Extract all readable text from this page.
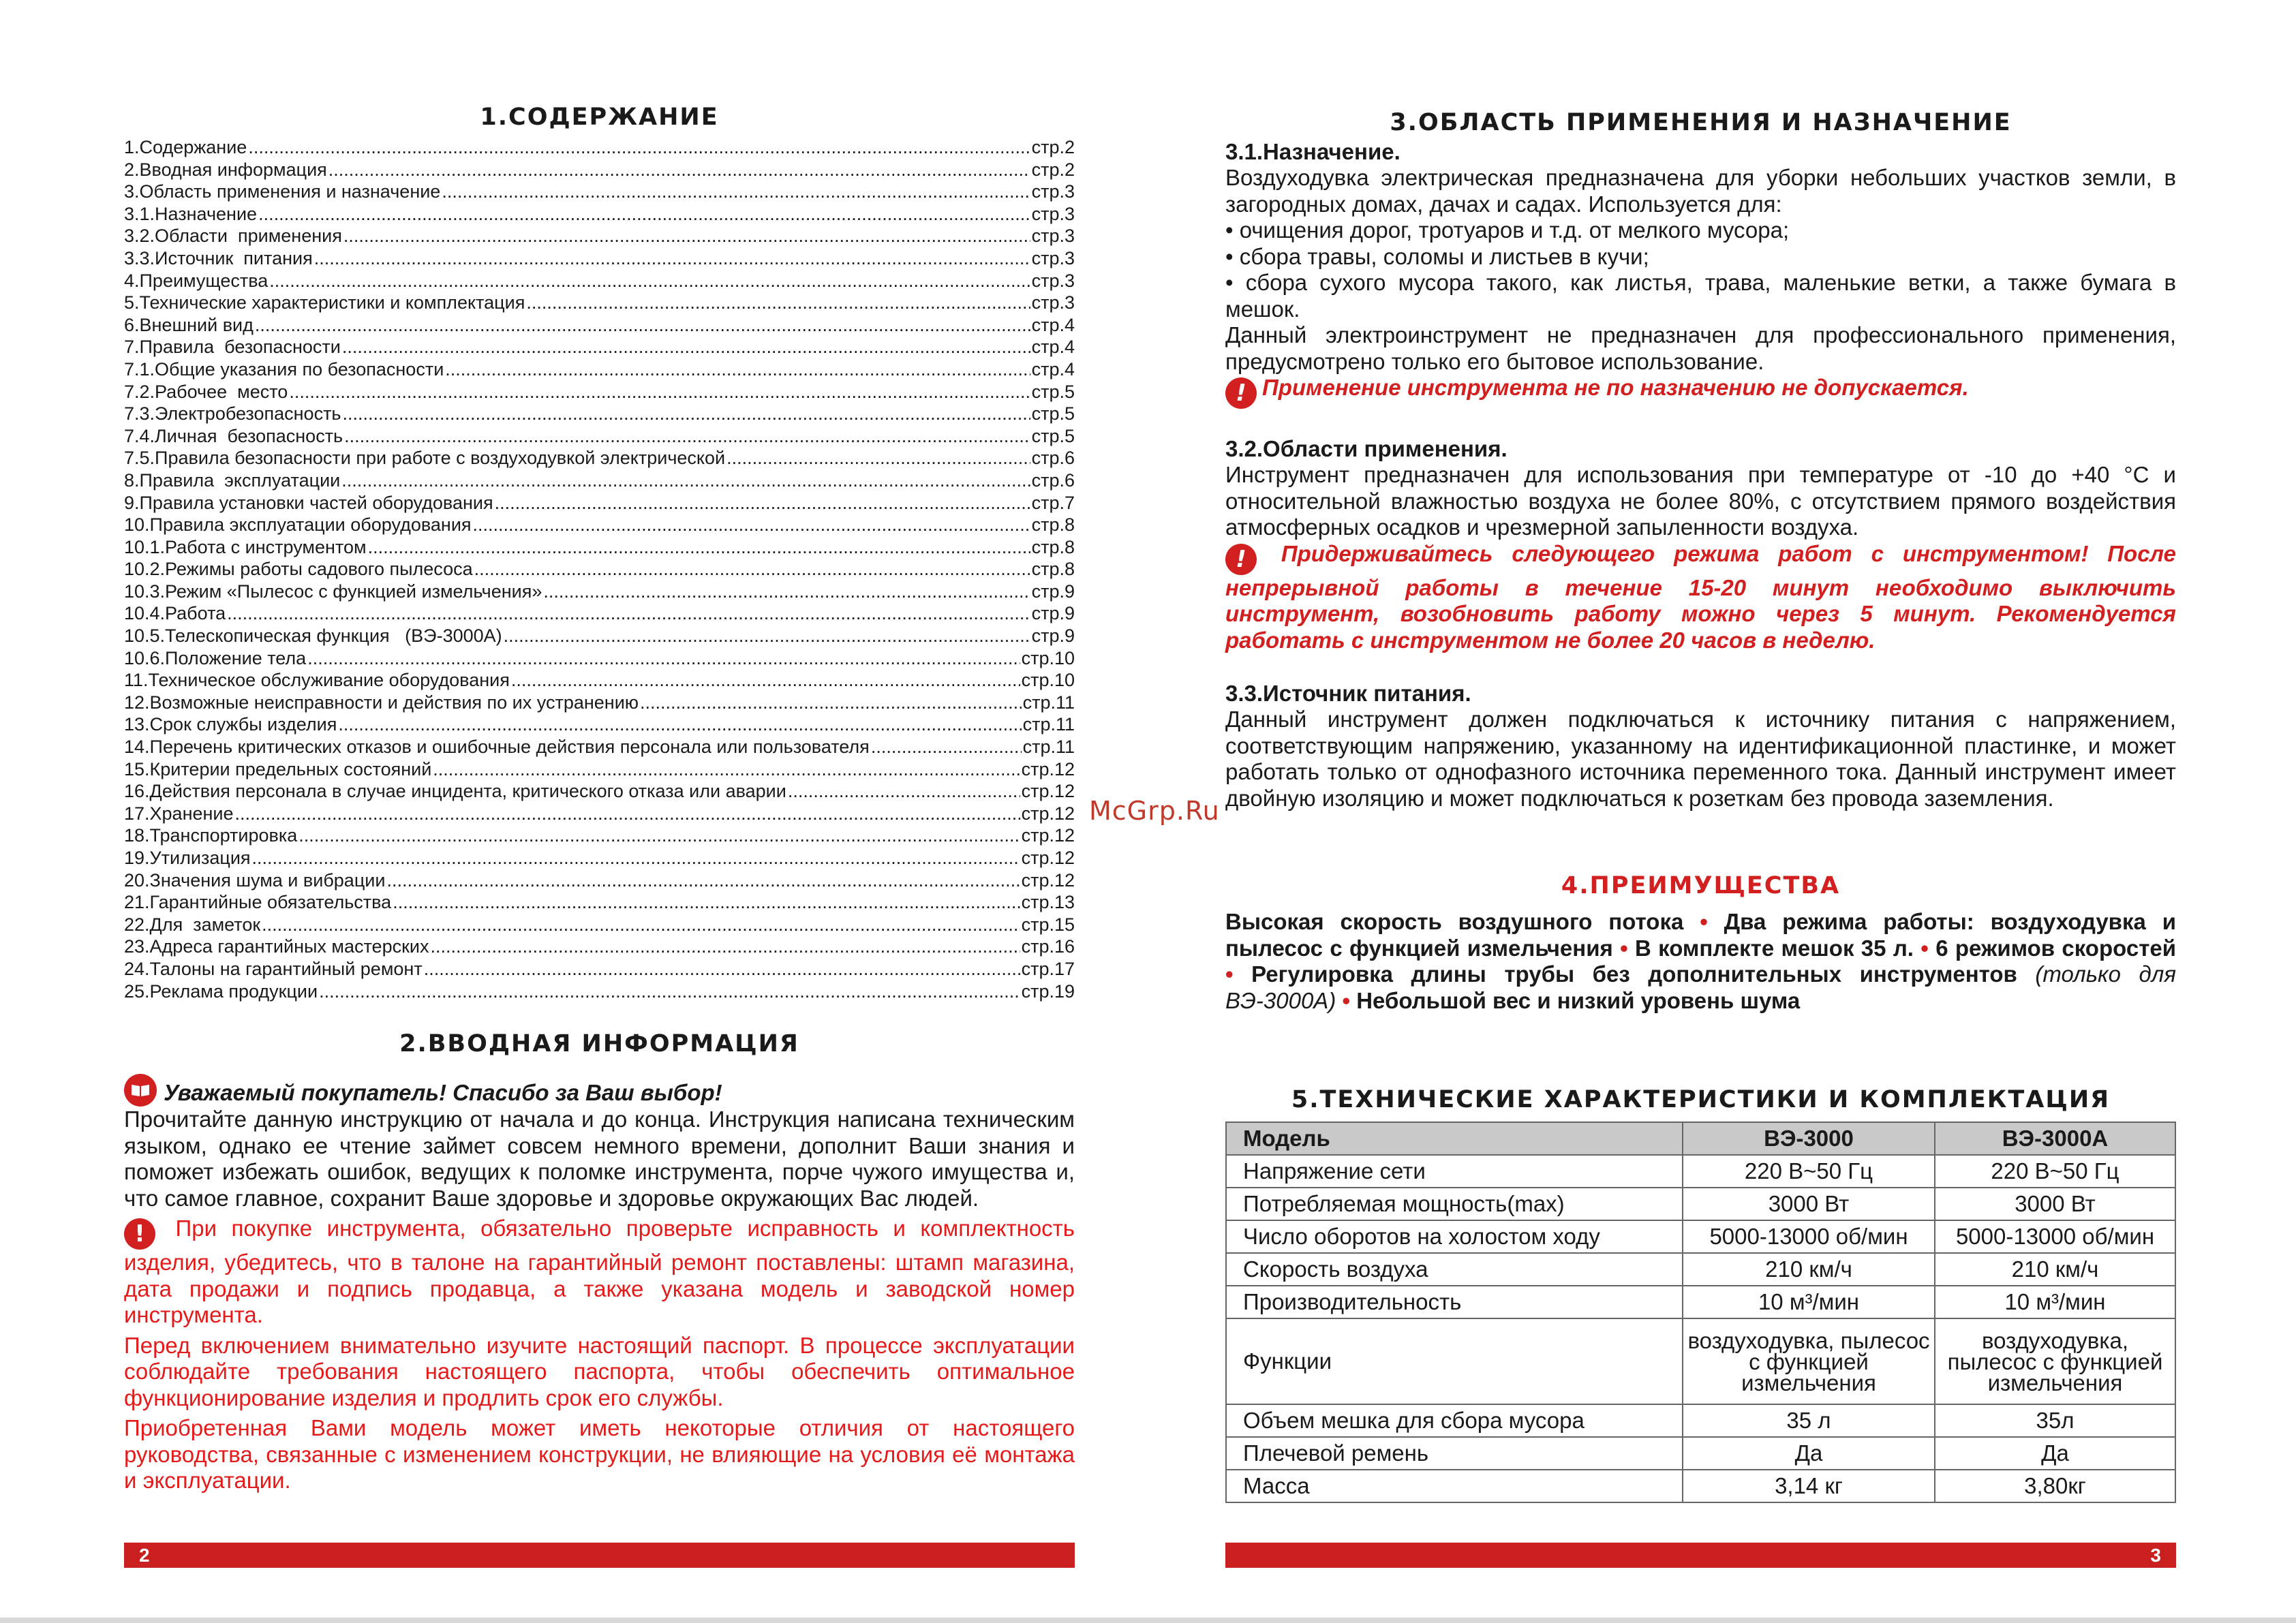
1.СОДЕРЖАНИЕ
1.Содержание .....	стр.2
2.Вводная информация .....	стр.2
3.Область применения и назначение .....	стр.3
3.1.Назначение .....	стр.3
3.2.Области  применения .....	стр.3
3.3.Источник  питания .....	стр.3
4.Преимущества .....	стр.3
5.Технические характеристики и комплектация .....	стр.3
6.Внешний вид .....	стр.4
7.Правила  безопасности .....	стр.4
7.1.Общие указания по безопасности .....	стр.4
7.2.Рабочее  место .....	стр.5
7.3.Электробезопасность .....	стр.5
7.4.Личная  безопасность .....	стр.5
7.5.Правила безопасности при работе с воздуходувкой электрической .....	стр.6
8.Правила  эксплуатации .....	стр.6
9.Правила установки частей оборудования .....	стр.7
10.Правила эксплуатации оборудования .....	стр.8
10.1.Работа с инструментом .....	стр.8
10.2.Режимы работы садового пылесоса .....	стр.8
10.3.Режим «Пылесос с функцией измельчения» .....	стр.9
10.4.Работа .....	стр.9
10.5.Телескопическая функция   (ВЭ-3000А) .....	стр.9
10.6.Положение тела .....	стр.10
11.Техническое обслуживание оборудования .....	стр.10
12.Возможные неисправности и действия по их устранению .....	стр.11
13.Срок службы изделия .....	стр.11
14.Перечень критических отказов и ошибочные действия персонала или пользователя .....	стр.11
15.Критерии предельных состояний .....	стр.12
16.Действия персонала в случае инцидента, критического отказа или аварии .....	стр.12
17.Хранение .....	стр.12
18.Транспортировка .....	стр.12
19.Утилизация .....	стр.12
20.Значения шума и вибрации .....	стр.12
21.Гарантийные обязательства .....	стр.13
22.Для  заметок .....	стр.15
23.Адреса гарантийных мастерских .....	стр.16
24.Талоны на гарантийный ремонт .....	стр.17
25.Реклама продукции .....	стр.19
2.ВВОДНАЯ ИНФОРМАЦИЯ

Уважаемый покупатель! Спасибо за Ваш выбор!

Прочитайте данную инструкцию от начала и до конца. Инструкция написана техническим языком, однако ее чтение займет совсем немного времени, дополнит Ваши знания и поможет избежать ошибок, ведущих к поломке инструмента, порче чужого имущества и, что самое главное, сохранит Ваше здоровье и здоровье окружающих Вас людей.

! При покупке инструмента, обязательно проверьте исправность и комплектность изделия, убедитесь, что в талоне на гарантийный ремонт поставлены: штамп магазина, дата продажи и подпись продавца, а также указана модель и заводской номер инструмента.

Перед включением внимательно изучите настоящий паспорт. В процессе эксплуатации соблюдайте требования настоящего паспорта, чтобы обеспечить оптимальное функционирование изделия и продлить срок его службы.

Приобретенная Вами модель может иметь некоторые отличия от настоящего руководства, связанные с изменением конструкции, не влияющие на условия её монтажа и эксплуатации.

2
3.ОБЛАСТЬ ПРИМЕНЕНИЯ И НАЗНАЧЕНИЕ

3.1.Назначение.

Воздуходувка электрическая предназначена для уборки небольших участков земли, в загородных домах, дачах и садах. Используется для:

• очищения дорог, тротуаров и т.д. от мелкого мусора;

• сбора травы, соломы и листьев в кучи;

• сбора сухого мусора такого, как листья, трава, маленькие ветки, а также бумага в мешок.

Данный электроинструмент не предназначен для профессионального применения, предусмотрено только его бытовое использование.

! Применение инструмента не по назначению не допускается.

3.2.Области применения.

Инструмент предназначен для использования при температуре от -10 до +40 °С и относительной влажностью воздуха не более 80%, с отсутствием прямого воздействия атмосферных осадков и чрезмерной запыленности воздуха.

! Придерживайтесь следующего режима работ с инструментом! После непрерывной работы в течение 15-20 минут необходимо выключить инструмент, возобновить работу можно через 5 минут. Рекомендуется работать с инструментом не более 20 часов в неделю.

3.3.Источник питания.

Данный инструмент должен подключаться к источнику питания с напряжением, соответствующим напряжению, указанному на идентификационной пластинке, и может работать только от однофазного источника переменного тока. Данный инструмент имеет двойную изоляцию и может подключаться к розеткам без провода заземления.

4.ПРЕИМУЩЕСТВА

Высокая скорость воздушного потока • Два режима работы: воздуходувка и пылесос с функцией измельчения • В комплекте мешок 35 л. • 6 режимов скоростей • Регулировка длины трубы без дополнительных инструментов (только для ВЭ-3000А) • Небольшой вес и низкий уровень шума

5.ТЕХНИЧЕСКИЕ ХАРАКТЕРИСТИКИ И КОМПЛЕКТАЦИЯ
Модель	ВЭ-3000	ВЭ-3000А
Напряжение сети	220 В~50 Гц	220 В~50 Гц
Потребляемая мощность(max)	3000 Вт	3000 Вт
Число оборотов на холостом ходу	5000-13000 об/мин	5000-13000 об/мин
Скорость воздуха	210 км/ч	210 км/ч
Производительность	10 м³/мин	10 м³/мин
Функции	воздуходувка, пылесос с функцией измельчения	воздуходувка, пылесос с функцией измельчения
Объем мешка для сбора мусора	35 л	35л
Плечевой ремень	Да	Да
Масса	3,14 кг	3,80кг
3
McGrp.Ru
